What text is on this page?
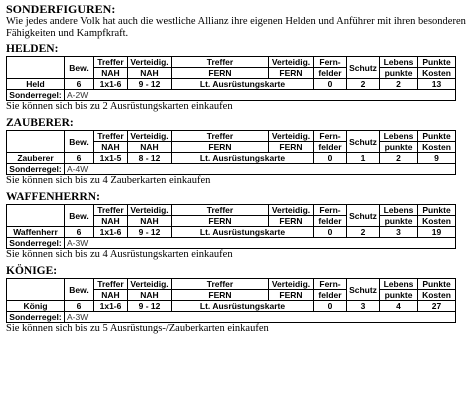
SONDERFIGUREN:
Wie jedes andere Volk hat auch die westliche Allianz ihre eigenen Helden und Anführer mit ihren besonderen Fähigkeiten und Kampfkraft.
HELDEN:
	Bew.	Treffer	Verteidig.	Treffer	Verteidig.	Fern-	Schutz	Lebens	Punkte
		NAH	NAH	FERN	FERN	felder		punkte	Kosten
Held	6	1x1-6	9 - 12	Lt. Ausrüstungskarte		0	2	2	13
Sonderregel:	A-2W								
Sie können sich bis zu 2 Ausrüstungskarten einkaufen
ZAUBERER:
	Bew.	Treffer	Verteidig.	Treffer	Verteidig.	Fern-	Schutz	Lebens	Punkte
		NAH	NAH	FERN	FERN	felder		punkte	Kosten
Zauberer	6	1x1-5	8 - 12	Lt. Ausrüstungskarte		0	1	2	9
Sonderregel:	A-4W								
Sie können sich bis zu 4 Zauberkarten einkaufen
WAFFENHERRN:
	Bew.	Treffer	Verteidig.	Treffer	Verteidig.	Fern-	Schutz	Lebens	Punkte
		NAH	NAH	FERN	FERN	felder		punkte	Kosten
Waffenherr	6	1x1-6	9 - 12	Lt. Ausrüstungskarte		0	2	3	19
Sonderregel:	A-3W								
Sie können sich bis zu 4 Ausrüstungskarten einkaufen
KÖNIGE:
	Bew.	Treffer	Verteidig.	Treffer	Verteidig.	Fern-	Schutz	Lebens	Punkte
		NAH	NAH	FERN	FERN	felder		punkte	Kosten
König	6	1x1-6	9 - 12	Lt. Ausrüstungskarte		0	3	4	27
Sonderregel:	A-3W								
Sie können sich bis zu 5 Ausrüstungs-/Zauberkarten einkaufen
